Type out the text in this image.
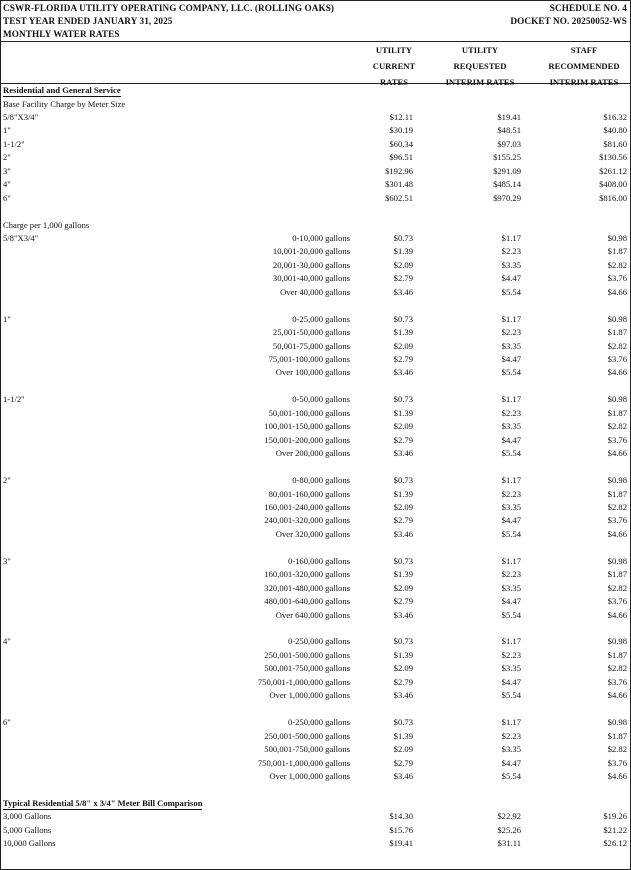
CSWR-FLORIDA UTILITY OPERATING COMPANY, LLC. (ROLLING OAKS)
TEST YEAR ENDED JANUARY 31, 2025
MONTHLY WATER RATES
SCHEDULE NO. 4
DOCKET NO. 20250052-WS
UTILITY
CURRENT
RATES
UTILITY
REQUESTED
INTERIM RATES
STAFF
RECOMMENDED
INTERIM RATES
Residential and General Service
Base Facility Charge by Meter Size
5/8"X3/4"	$12.11	$19.41	$16.32
1"	$30.19	$48.51	$40.80
1-1/2"	$60.34	$97.03	$81.60
2"	$96.51	$155.25	$130.56
3"	$192.96	$291.09	$261.12
4"	$301.48	$485.14	$408.00
6"	$602.51	$970.29	$816.00
Charge per 1,000 gallons
5/8"X3/4"	0-10,000 gallons	$0.73	$1.17	$0.98
10,001-20,000 gallons	$1.39	$2.23	$1.87
20,001-30,000 gallons	$2.09	$3.35	$2.82
30,001-40,000 gallons	$2.79	$4.47	$3.76
Over 40,000 gallons	$3.46	$5.54	$4.66
1"	0-25,000 gallons	$0.73	$1.17	$0.98
25,001-50,000 gallons	$1.39	$2.23	$1.87
50,001-75,000 gallons	$2.09	$3.35	$2.82
75,001-100,000 gallons	$2.79	$4.47	$3.76
Over 100,000 gallons	$3.46	$5.54	$4.66
1-1/2"	0-50,000 gallons	$0.73	$1.17	$0.98
50,001-100,000 gallons	$1.39	$2.23	$1.87
100,001-150,000 gallons	$2.09	$3.35	$2.82
150,001-200,000 gallons	$2.79	$4.47	$3.76
Over 200,000 gallons	$3.46	$5.54	$4.66
2"	0-80,000 gallons	$0.73	$1.17	$0.98
80,001-160,000 gallons	$1.39	$2.23	$1.87
160,001-240,000 gallons	$2.09	$3.35	$2.82
240,001-320,000 gallons	$2.79	$4.47	$3.76
Over 320,000 gallons	$3.46	$5.54	$4.66
3"	0-160,000 gallons	$0.73	$1.17	$0.98
160,001-320,000 gallons	$1.39	$2.23	$1.87
320,001-480,000 gallons	$2.09	$3.35	$2.82
480,001-640,000 gallons	$2.79	$4.47	$3.76
Over 640,000 gallons	$3.46	$5.54	$4.66
4"	0-250,000 gallons	$0.73	$1.17	$0.98
250,001-500,000 gallons	$1.39	$2.23	$1.87
500,001-750,000 gallons	$2.09	$3.35	$2.82
750,001-1,000,000 gallons	$2.79	$4.47	$3.76
Over 1,000,000 gallons	$3.46	$5.54	$4.66
6"	0-250,000 gallons	$0.73	$1.17	$0.98
250,001-500,000 gallons	$1.39	$2.23	$1.87
500,001-750,000 gallons	$2.09	$3.35	$2.82
750,001-1,000,000 gallons	$2.79	$4.47	$3.76
Over 1,000,000 gallons	$3.46	$5.54	$4.66
Typical Residential 5/8" x 3/4" Meter Bill Comparison
3,000 Gallons	$14.30	$22.92	$19.26
5,000 Gallons	$15.76	$25.26	$21.22
10,000 Gallons	$19.41	$31.11	$26.12
